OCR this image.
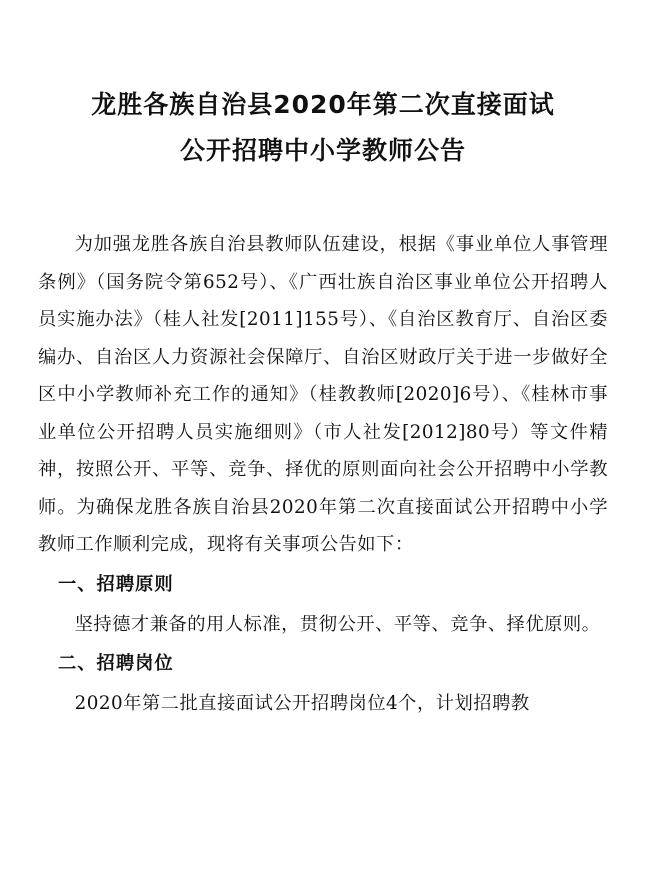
龙胜各族自治县2020年第二次直接面试
公开招聘中小学教师公告

为加强龙胜各族自治县教师队伍建设，根据《事业单位人事管理条例》（国务院令第652号）、《广西壮族自治区事业单位公开招聘人员实施办法》（桂人社发[2011]155号）、《自治区教育厅、自治区委编办、自治区人力资源社会保障厅、自治区财政厅关于进一步做好全区中小学教师补充工作的通知》（桂教教师[2020]6号）、《桂林市事业单位公开招聘人员实施细则》（市人社发[2012]80号）等文件精神，按照公开、平等、竞争、择优的原则面向社会公开招聘中小学教师。为确保龙胜各族自治县2020年第二次直接面试公开招聘中小学教师工作顺利完成，现将有关事项公告如下：

一、招聘原则

坚持德才兼备的用人标准，贯彻公开、平等、竞争、择优原则。

二、招聘岗位

2020年第二批直接面试公开招聘岗位4个，计划招聘教
